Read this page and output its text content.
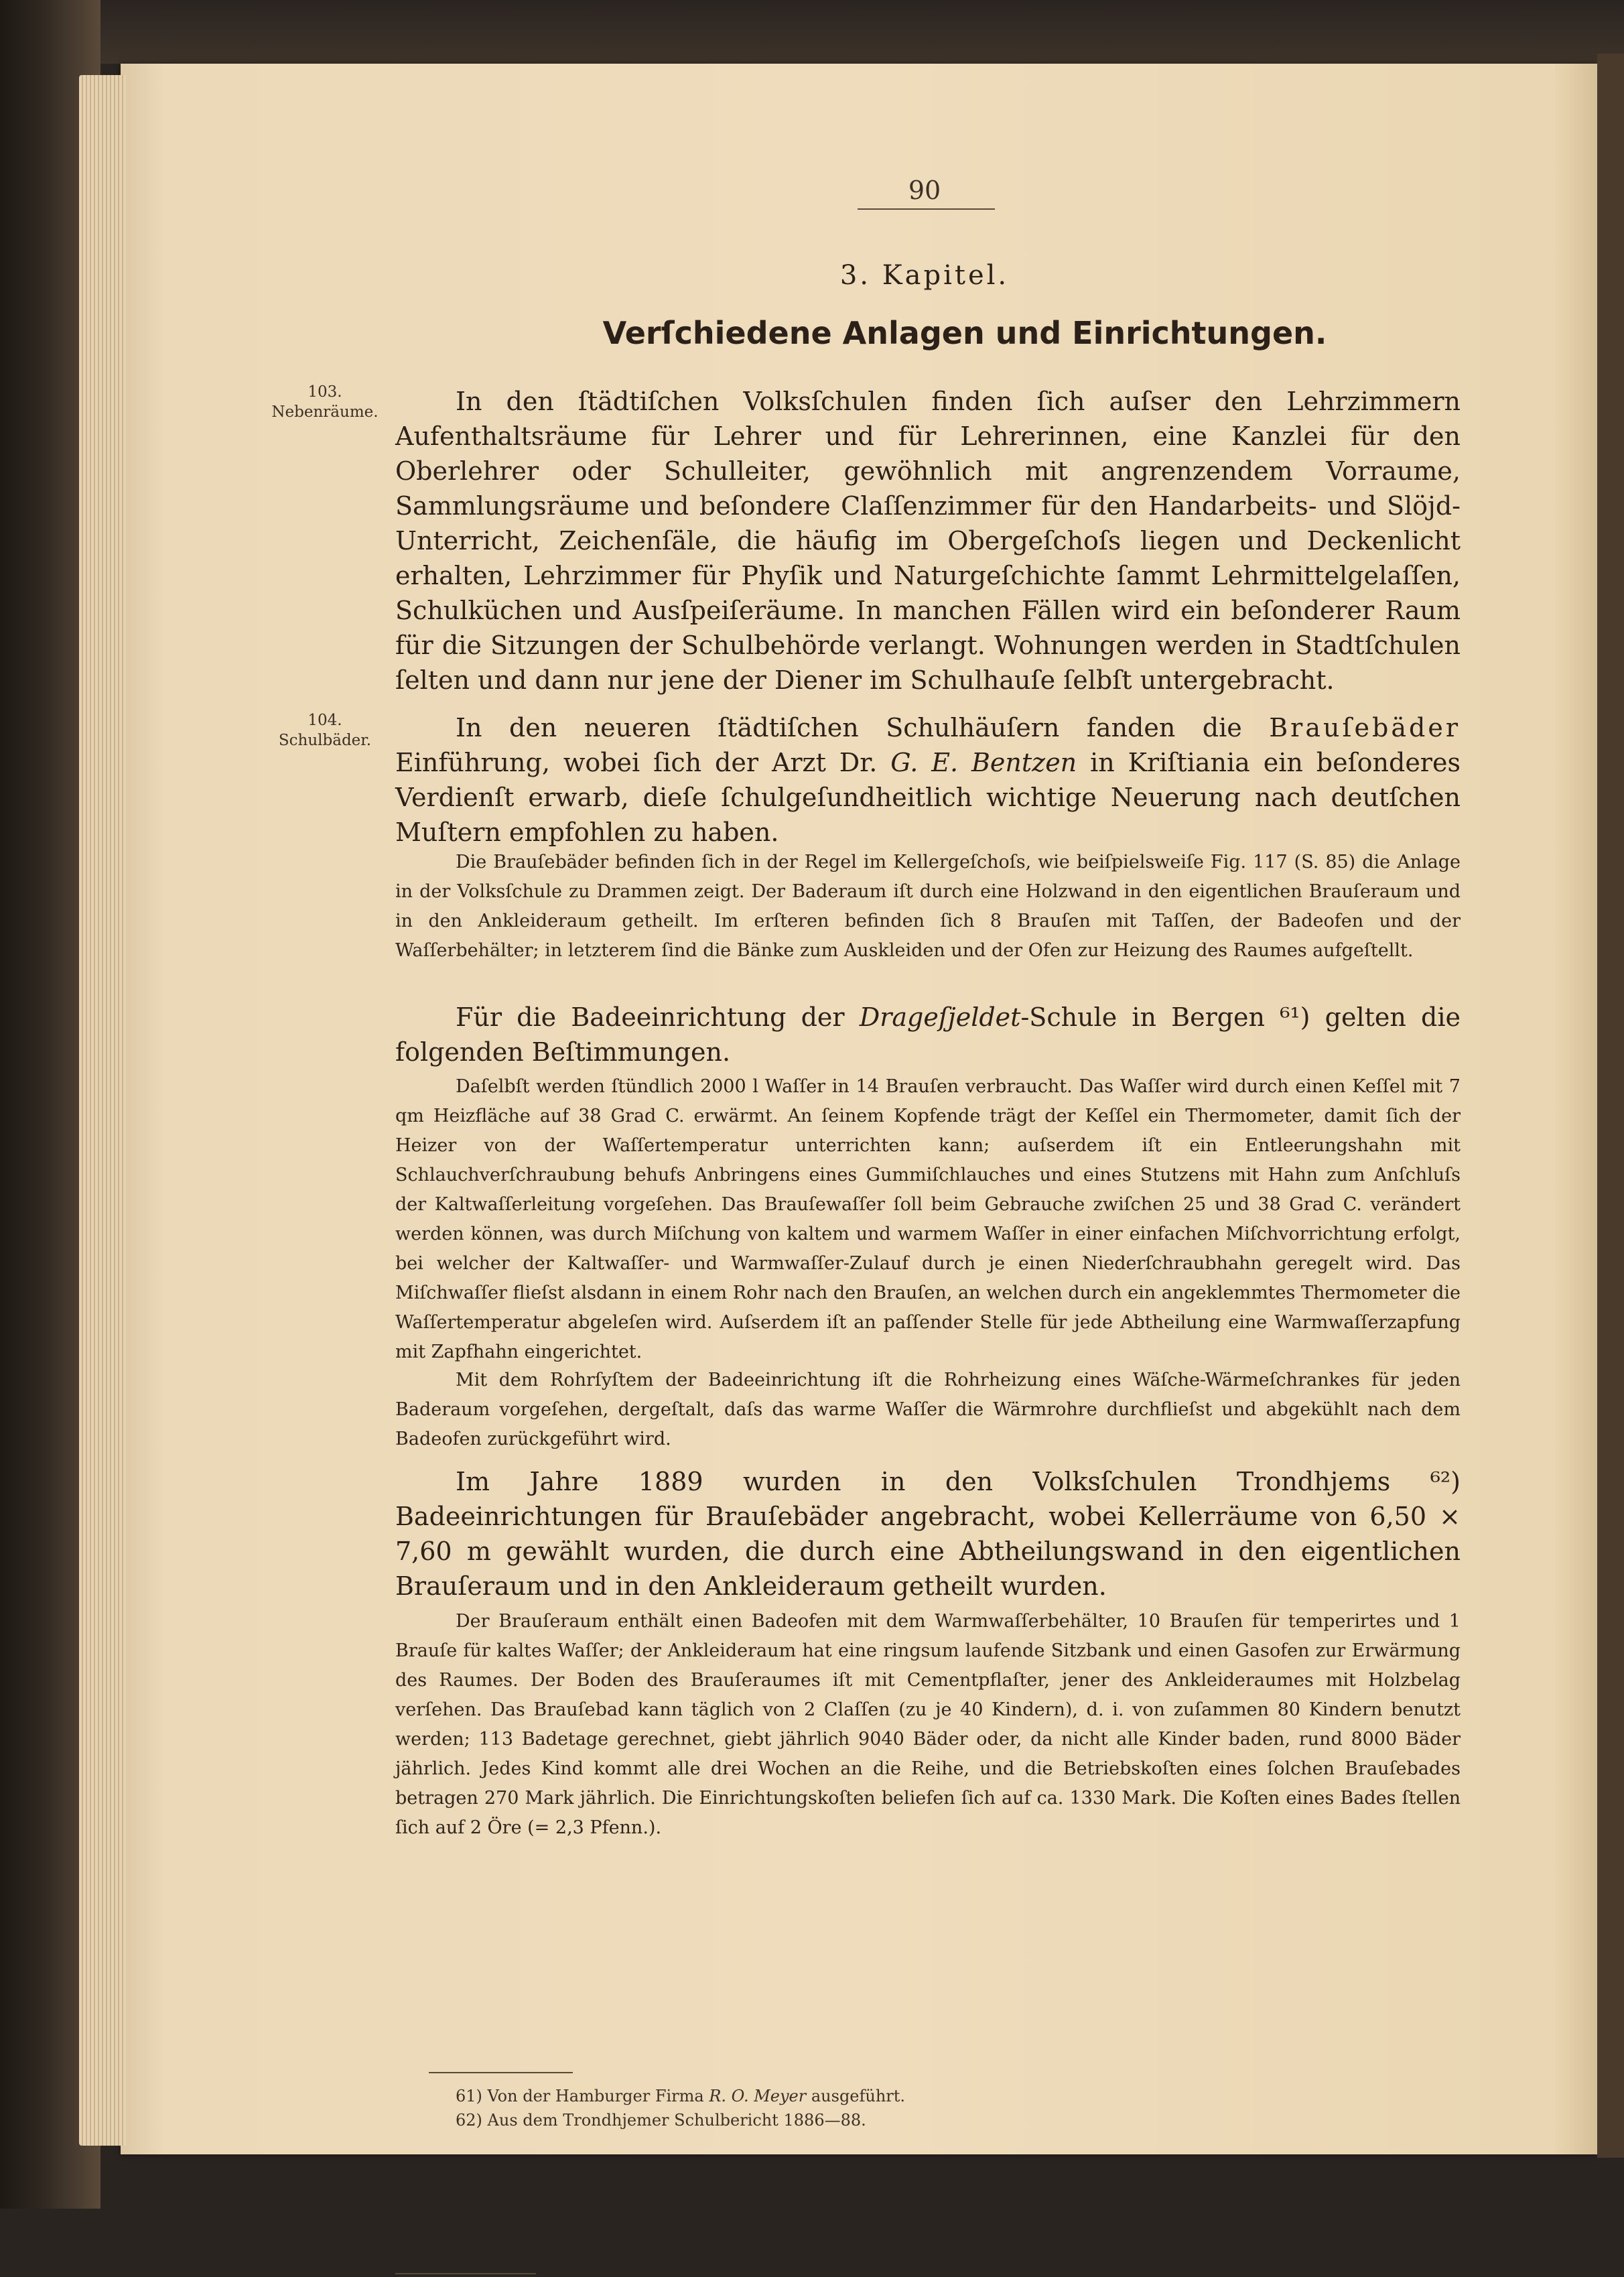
90
3. Kapitel.
Verſchiedene Anlagen und Einrichtungen.
103.
Nebenräume.
104.
Schulbäder.
In den ſtädtiſchen Volksſchulen finden ſich auſser den Lehrzimmern Aufenthaltsräume für Lehrer und für Lehrerinnen, eine Kanzlei für den Oberlehrer oder Schulleiter, gewöhnlich mit angrenzendem Vorraume, Sammlungsräume und beſondere Claſſenzimmer für den Handarbeits- und Slöjd-Unterricht, Zeichenſäle, die häufig im Obergeſchoſs liegen und Deckenlicht erhalten, Lehrzimmer für Phyſik und Naturgeſchichte ſammt Lehrmittelgelaſſen, Schulküchen und Ausſpeiſeräume. In manchen Fällen wird ein beſonderer Raum für die Sitzungen der Schulbehörde verlangt. Wohnungen werden in Stadtſchulen ſelten und dann nur jene der Diener im Schulhauſe ſelbſt untergebracht.
In den neueren ſtädtiſchen Schulhäuſern fanden die Brauſebäder Einführung, wobei ſich der Arzt Dr. G. E. Bentzen in Kriſtiania ein beſonderes Verdienſt erwarb, dieſe ſchulgeſundheitlich wichtige Neuerung nach deutſchen Muſtern empfohlen zu haben.
Die Brauſebäder befinden ſich in der Regel im Kellergeſchoſs, wie beiſpielsweiſe Fig. 117 (S. 85) die Anlage in der Volksſchule zu Drammen zeigt. Der Baderaum iſt durch eine Holzwand in den eigentlichen Brauſeraum und in den Ankleideraum getheilt. Im erſteren befinden ſich 8 Brauſen mit Taſſen, der Badeofen und der Waſſerbehälter; in letzterem ſind die Bänke zum Auskleiden und der Ofen zur Heizung des Raumes aufgeſtellt.
Für die Badeeinrichtung der Drageſjeldet-Schule in Bergen ⁶¹) gelten die folgenden Beſtimmungen.
Daſelbſt werden ſtündlich 2000 l Waſſer in 14 Brauſen verbraucht. Das Waſſer wird durch einen Keſſel mit 7 qm Heizfläche auf 38 Grad C. erwärmt. An ſeinem Kopfende trägt der Keſſel ein Thermometer, damit ſich der Heizer von der Waſſertemperatur unterrichten kann; auſserdem iſt ein Entleerungshahn mit Schlauchverſchraubung behufs Anbringens eines Gummiſchlauches und eines Stutzens mit Hahn zum Anſchluſs der Kaltwaſſerleitung vorgeſehen. Das Brauſewaſſer ſoll beim Gebrauche zwiſchen 25 und 38 Grad C. verändert werden können, was durch Miſchung von kaltem und warmem Waſſer in einer einfachen Miſchvorrichtung erfolgt, bei welcher der Kaltwaſſer- und Warmwaſſer-Zulauf durch je einen Niederſchraubhahn geregelt wird. Das Miſchwaſſer flieſst alsdann in einem Rohr nach den Brauſen, an welchen durch ein angeklemmtes Thermometer die Waſſertemperatur abgeleſen wird. Auſserdem iſt an paſſender Stelle für jede Abtheilung eine Warmwaſſerzapfung mit Zapfhahn eingerichtet.
Mit dem Rohrſyſtem der Badeeinrichtung iſt die Rohrheizung eines Wäſche-Wärmeſchrankes für jeden Baderaum vorgeſehen, dergeſtalt, daſs das warme Waſſer die Wärmrohre durchflieſst und abgekühlt nach dem Badeofen zurückgeführt wird.
Im Jahre 1889 wurden in den Volksſchulen Trondhjems ⁶²) Badeeinrichtungen für Brauſebäder angebracht, wobei Kellerräume von 6,50 × 7,60 m gewählt wurden, die durch eine Abtheilungswand in den eigentlichen Brauſeraum und in den Ankleideraum getheilt wurden.
Der Brauſeraum enthält einen Badeofen mit dem Warmwaſſerbehälter, 10 Brauſen für temperirtes und 1 Brauſe für kaltes Waſſer; der Ankleideraum hat eine ringsum laufende Sitzbank und einen Gasofen zur Erwärmung des Raumes. Der Boden des Brauſeraumes iſt mit Cementpflaſter, jener des Ankleideraumes mit Holzbelag verſehen. Das Brauſebad kann täglich von 2 Claſſen (zu je 40 Kindern), d. i. von zuſammen 80 Kindern benutzt werden; 113 Badetage gerechnet, giebt jährlich 9040 Bäder oder, da nicht alle Kinder baden, rund 8000 Bäder jährlich. Jedes Kind kommt alle drei Wochen an die Reihe, und die Betriebskoſten eines ſolchen Brauſebades betragen 270 Mark jährlich. Die Einrichtungskoſten beliefen ſich auf ca. 1330 Mark. Die Koſten eines Bades ſtellen ſich auf 2 Öre (= 2,3 Pfenn.).
61) Von der Hamburger Firma R. O. Meyer ausgeführt.
62) Aus dem Trondhjemer Schulbericht 1886—88.
